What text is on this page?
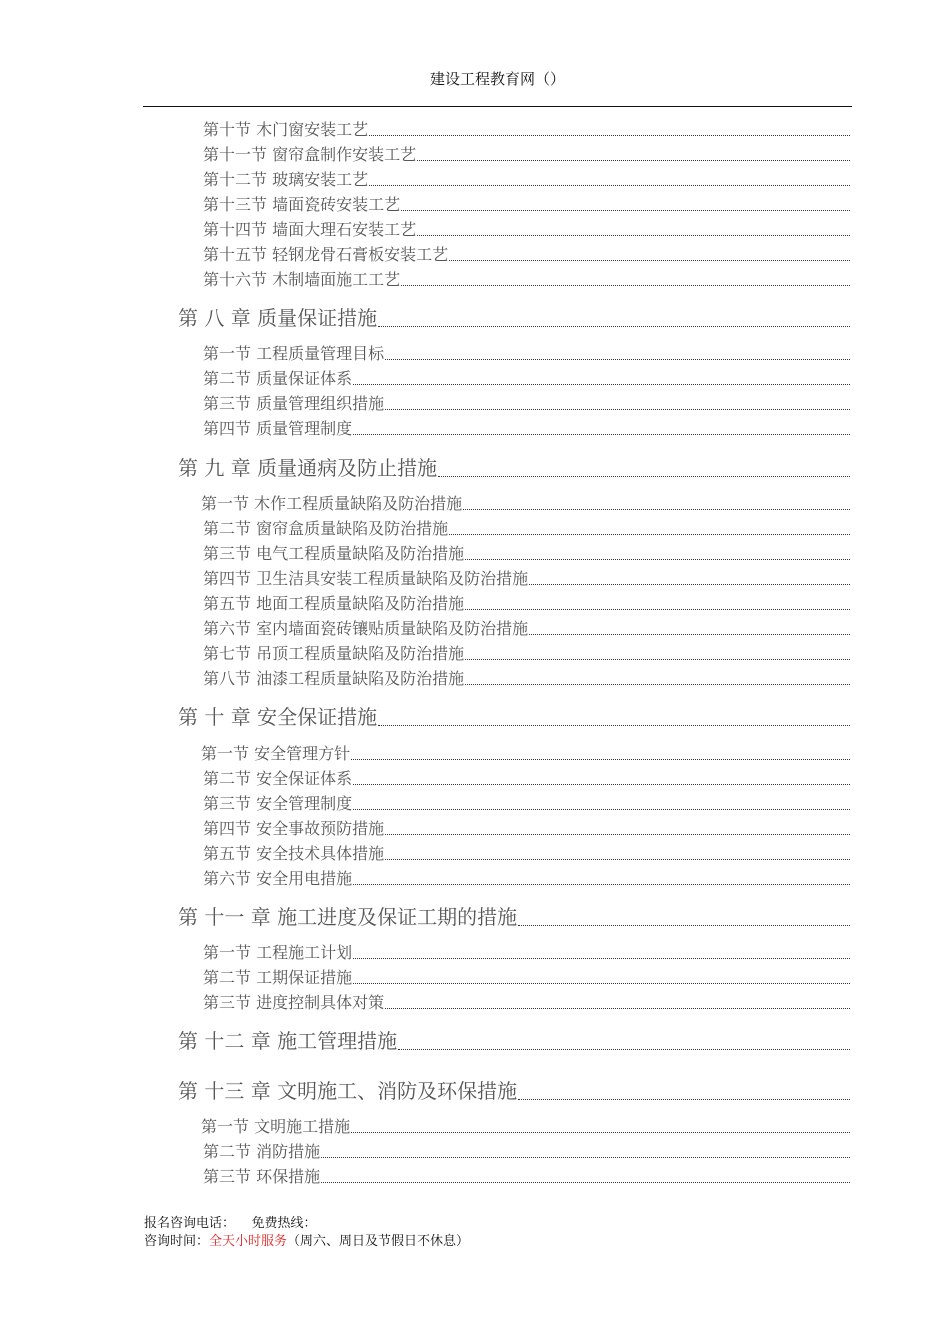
建设工程教育网（）
第十节 木门窗安装工艺
第十一节 窗帘盒制作安装工艺
第十二节 玻璃安装工艺
第十三节 墙面瓷砖安装工艺
第十四节 墙面大理石安装工艺
第十五节 轻钢龙骨石膏板安装工艺
第十六节 木制墙面施工工艺
第 八 章 质量保证措施
第一节 工程质量管理目标
第二节 质量保证体系
第三节 质量管理组织措施
第四节 质量管理制度
第 九 章 质量通病及防止措施
第一节 木作工程质量缺陷及防治措施
第二节 窗帘盒质量缺陷及防治措施
第三节 电气工程质量缺陷及防治措施
第四节 卫生洁具安装工程质量缺陷及防治措施
第五节 地面工程质量缺陷及防治措施
第六节 室内墙面瓷砖镶贴质量缺陷及防治措施
第七节 吊顶工程质量缺陷及防治措施
第八节 油漆工程质量缺陷及防治措施
第 十 章 安全保证措施
第一节 安全管理方针
第二节 安全保证体系
第三节 安全管理制度
第四节 安全事故预防措施
第五节 安全技术具体措施
第六节 安全用电措施
第 十一 章 施工进度及保证工期的措施
第一节 工程施工计划
第二节 工期保证措施
第三节 进度控制具体对策
第 十二 章 施工管理措施
第 十三 章 文明施工、消防及环保措施
第一节 文明施工措施
第二节 消防措施
第三节 环保措施
报名咨询电话：    免费热线：
咨询时间：全天小时服务（周六、周日及节假日不休息）
